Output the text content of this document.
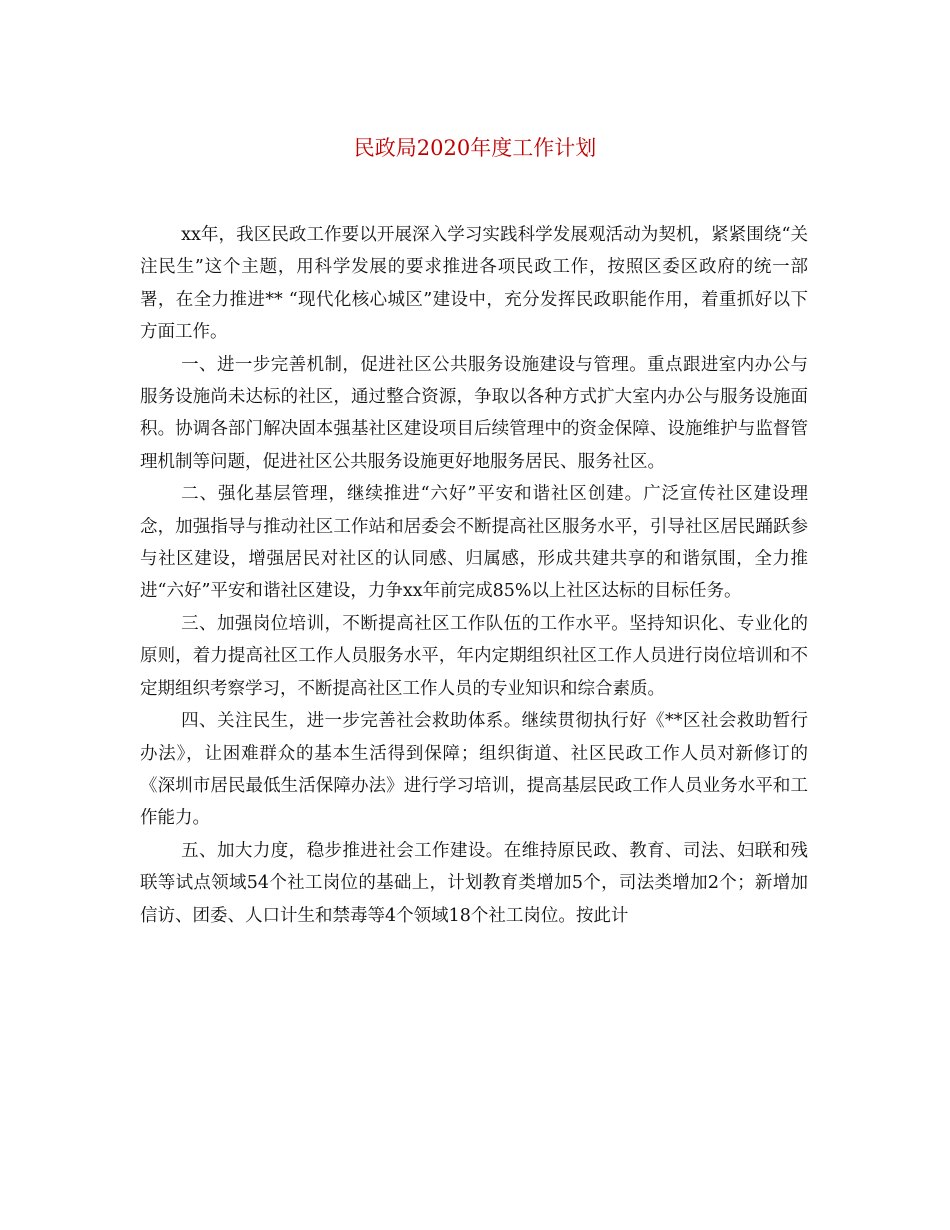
民政局2020年度工作计划

xx年，我区民政工作要以开展深入学习实践科学发展观活动为契机，紧紧围绕“关注民生”这个主题，用科学发展的要求推进各项民政工作，按照区委区政府的统一部署，在全力推进** “现代化核心城区”建设中，充分发挥民政职能作用，着重抓好以下方面工作。

一、进一步完善机制，促进社区公共服务设施建设与管理。重点跟进室内办公与服务设施尚未达标的社区，通过整合资源，争取以各种方式扩大室内办公与服务设施面积。协调各部门解决固本强基社区建设项目后续管理中的资金保障、设施维护与监督管理机制等问题，促进社区公共服务设施更好地服务居民、服务社区。

二、强化基层管理，继续推进“六好”平安和谐社区创建。广泛宣传社区建设理念，加强指导与推动社区工作站和居委会不断提高社区服务水平，引导社区居民踊跃参与社区建设，增强居民对社区的认同感、归属感，形成共建共享的和谐氛围，全力推进“六好”平安和谐社区建设，力争xx年前完成85%以上社区达标的目标任务。

三、加强岗位培训，不断提高社区工作队伍的工作水平。坚持知识化、专业化的原则，着力提高社区工作人员服务水平，年内定期组织社区工作人员进行岗位培训和不定期组织考察学习，不断提高社区工作人员的专业知识和综合素质。

四、关注民生，进一步完善社会救助体系。继续贯彻执行好《**区社会救助暂行办法》，让困难群众的基本生活得到保障；组织街道、社区民政工作人员对新修订的《深圳市居民最低生活保障办法》进行学习培训，提高基层民政工作人员业务水平和工作能力。

五、加大力度，稳步推进社会工作建设。在维持原民政、教育、司法、妇联和残联等试点领域54个社工岗位的基础上，计划教育类增加5个，司法类增加2个；新增加信访、团委、人口计生和禁毒等4个领域18个社工岗位。按此计
